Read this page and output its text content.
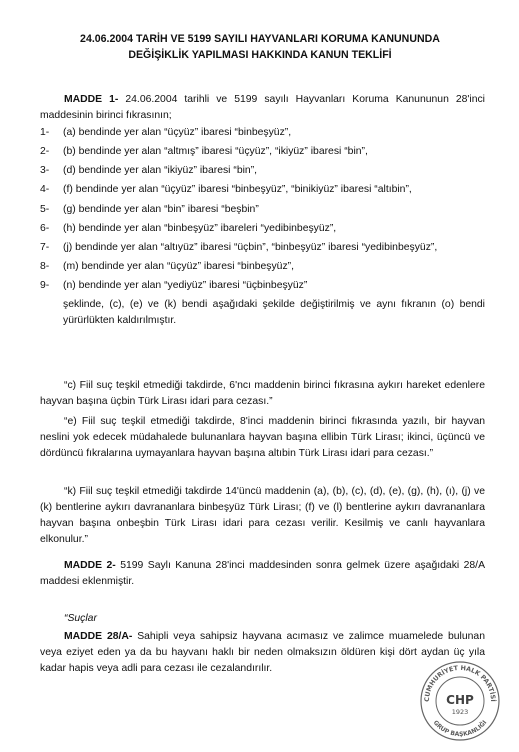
24.06.2004 TARİH VE 5199 SAYILI HAYVANLARI KORUMA KANUNUNDA
DEĞİŞİKLİK YAPILMASI HAKKINDA KANUN TEKLİFİ
MADDE 1- 24.06.2004 tarihli ve 5199 sayılı Hayvanları Koruma Kanununun 28'inci maddesinin birinci fıkrasının;
1-	(a) bendinde yer alan “üçyüz” ibaresi “binbeşyüz”,
2-	(b) bendinde yer alan “altmış” ibaresi “üçyüz”, “ikiyüz” ibaresi “bin”,
3-	(d) bendinde yer alan “ikiyüz” ibaresi “bin”,
4-	(f) bendinde yer alan “üçyüz” ibaresi “binbeşyüz”, “binikiyüz” ibaresi “altıbin”,
5-	(g) bendinde yer alan “bin” ibaresi “beşbin”
6-	(h) bendinde yer alan “binbeşyüz” ibareleri “yedibinbeşyüz”,
7-	(j) bendinde yer alan “altıyüz” ibaresi “üçbin”, “binbeşyüz” ibaresi “yedibinbeşyüz”,
8-	(m) bendinde yer alan “üçyüz” ibaresi “binbeşyüz”,
9-	(n) bendinde yer alan “yediyüz” ibaresi “üçbinbeşyüz”
şeklinde, (c), (e) ve (k) bendi aşağıdaki şekilde değiştirilmiş ve aynı fıkranın (o) bendi yürürlükten kaldırılmıştır.
“c) Fiil suç teşkil etmediği takdirde, 6'ncı maddenin birinci fıkrasına aykırı hareket edenlere hayvan başına üçbin Türk Lirası idari para cezası.”
“e) Fiil suç teşkil etmediği takdirde, 8'inci maddenin birinci fıkrasında yazılı, bir hayvan neslini yok edecek müdahalede bulunanlara hayvan başına ellibin Türk Lirası; ikinci, üçüncü ve dördüncü fıkralarına uymayanlara hayvan başına altıbin Türk Lirası idari para cezası.”
“k) Fiil suç teşkil etmediği takdirde 14'üncü maddenin (a), (b), (c), (d), (e), (g), (h), (ı), (j) ve (k) bentlerine aykırı davrananlara binbeşyüz Türk Lirası; (f) ve (l) bentlerine aykırı davrananlara hayvan başına onbeşbin Türk Lirası idari para cezası verilir. Kesilmiş ve canlı hayvanlara elkonulur.”
MADDE 2- 5199 Saylı Kanuna 28'inci maddesinden sonra gelmek üzere aşağıdaki 28/A maddesi eklenmiştir.
“Suçlar
MADDE 28/A- Sahipli veya sahipsiz hayvana acımasız ve zalimce muamelede bulunan veya eziyet eden ya da bu hayvanı haklı bir neden olmaksızın öldüren kişi dört aydan üç yıla kadar hapis veya adli para cezası ile cezalandırılır.
CUMHURİYET HALK PARTİSİ
GRUP BAŞKANLIĞI
CHP
1923
